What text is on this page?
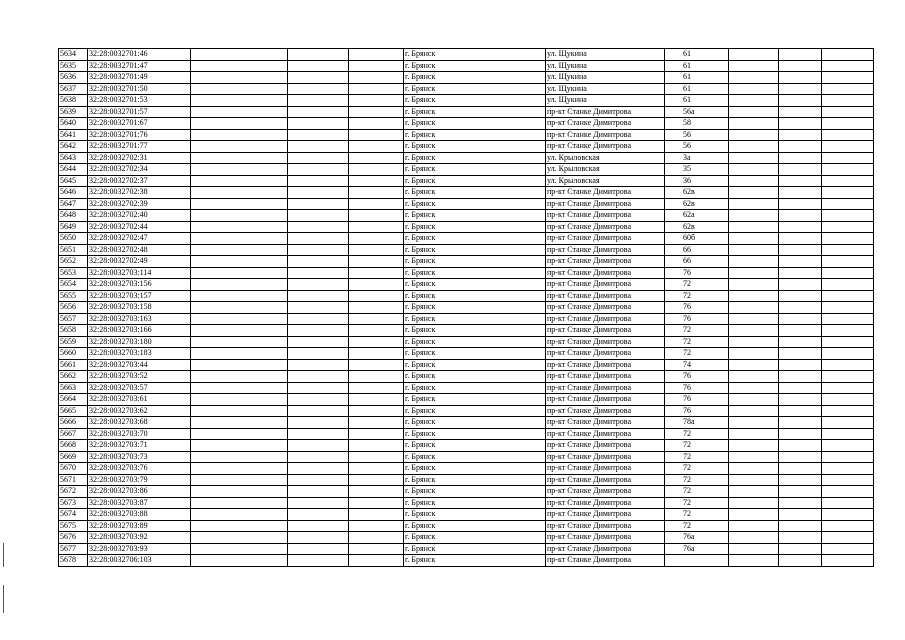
5634	32:28:0032701:46				г. Брянск	ул. Щукина	61			
5635	32:28:0032701:47				г. Брянск	ул. Щукина	61			
5636	32:28:0032701:49				г. Брянск	ул. Щукина	61			
5637	32:28:0032701:50				г. Брянск	ул. Щукина	61			
5638	32:28:0032701:53				г. Брянск	ул. Щукина	61			
5639	32:28:0032701:57				г. Брянск	пр-кт Станке Димитрова	56а			
5640	32:28:0032701:67				г. Брянск	пр-кт Станке Димитрова	58			
5641	32:28:0032701:76				г. Брянск	пр-кт Станке Димитрова	56			
5642	32:28:0032701:77				г. Брянск	пр-кт Станке Димитрова	56			
5643	32:28:0032702:31				г. Брянск	ул. Крыловская	3а			
5644	32:28:0032702:34				г. Брянск	ул. Крыловская	35			
5645	32:28:0032702:37				г. Брянск	ул. Крыловская	36			
5646	32:28:0032702:38				г. Брянск	пр-кт Станке Димитрова	62в			
5647	32:28:0032702:39				г. Брянск	пр-кт Станке Димитрова	62в			
5648	32:28:0032702:40				г. Брянск	пр-кт Станке Димитрова	62а			
5649	32:28:0032702:44				г. Брянск	пр-кт Станке Димитрова	62в			
5650	32:28:0032702:47				г. Брянск	пр-кт Станке Димитрова	60б			
5651	32:28:0032702:48				г. Брянск	пр-кт Станке Димитрова	66			
5652	32:28:0032702:49				г. Брянск	пр-кт Станке Димитрова	66			
5653	32:28:0032703:114				г. Брянск	пр-кт Станке Димитрова	76			
5654	32:28:0032703:156				г. Брянск	пр-кт Станке Димитрова	72			
5655	32:28:0032703:157				г. Брянск	пр-кт Станке Димитрова	72			
5656	32:28:0032703:158				г. Брянск	пр-кт Станке Димитрова	76			
5657	32:28:0032703:163				г. Брянск	пр-кт Станке Димитрова	76			
5658	32:28:0032703:166				г. Брянск	пр-кт Станке Димитрова	72			
5659	32:28:0032703:180				г. Брянск	пр-кт Станке Димитрова	72			
5660	32:28:0032703:183				г. Брянск	пр-кт Станке Димитрова	72			
5661	32:28:0032703:44				г. Брянск	пр-кт Станке Димитрова	74			
5662	32:28:0032703:52				г. Брянск	пр-кт Станке Димитрова	76			
5663	32:28:0032703:57				г. Брянск	пр-кт Станке Димитрова	76			
5664	32:28:0032703:61				г. Брянск	пр-кт Станке Димитрова	76			
5665	32:28:0032703:62				г. Брянск	пр-кт Станке Димитрова	76			
5666	32:28:0032703:68				г. Брянск	пр-кт Станке Димитрова	78а			
5667	32:28:0032703:70				г. Брянск	пр-кт Станке Димитрова	72			
5668	32:28:0032703:71				г. Брянск	пр-кт Станке Димитрова	72			
5669	32:28:0032703:73				г. Брянск	пр-кт Станке Димитрова	72			
5670	32:28:0032703:76				г. Брянск	пр-кт Станке Димитрова	72			
5671	32:28:0032703:79				г. Брянск	пр-кт Станке Димитрова	72			
5672	32:28:0032703:86				г. Брянск	пр-кт Станке Димитрова	72			
5673	32:28:0032703:87				г. Брянск	пр-кт Станке Димитрова	72			
5674	32:28:0032703:88				г. Брянск	пр-кт Станке Димитрова	72			
5675	32:28:0032703:89				г. Брянск	пр-кт Станке Димитрова	72			
5676	32:28:0032703:92				г. Брянск	пр-кт Станке Димитрова	76а			
5677	32:28:0032703:93				г. Брянск	пр-кт Станке Димитрова	76а			
5678	32:28:0032706:103				г. Брянск	пр-кт Станке Димитрова				
